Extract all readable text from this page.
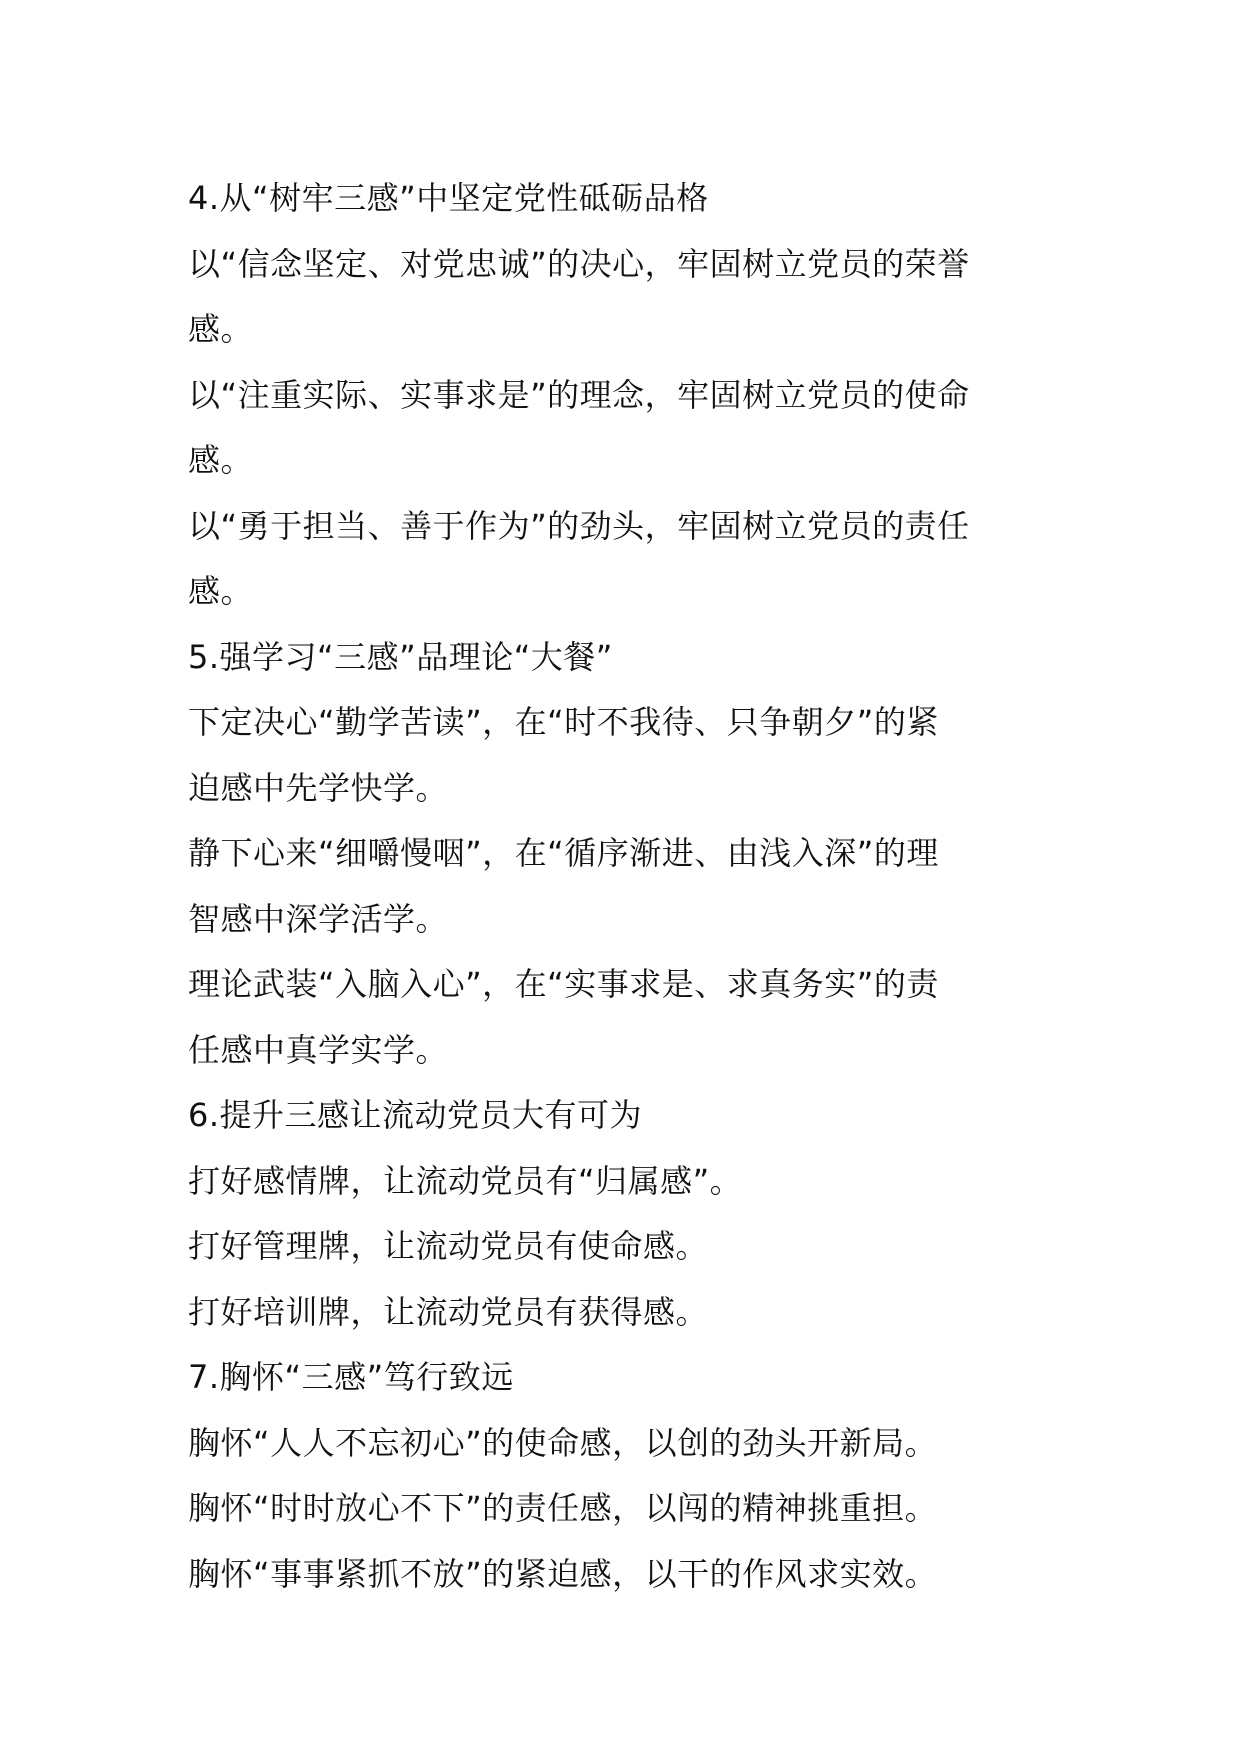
4.从“树牢三感”中坚定党性砥砺品格
以“信念坚定、对党忠诚”的决心，牢固树立党员的荣誉
感。
以“注重实际、实事求是”的理念，牢固树立党员的使命
感。
以“勇于担当、善于作为”的劲头，牢固树立党员的责任
感。
5.强学习“三感”品理论“大餐”
下定决心“勤学苦读”，在“时不我待、只争朝夕”的紧
迫感中先学快学。
静下心来“细嚼慢咽”，在“循序渐进、由浅入深”的理
智感中深学活学。
理论武装“入脑入心”，在“实事求是、求真务实”的责
任感中真学实学。
6.提升三感让流动党员大有可为
打好感情牌，让流动党员有“归属感”。
打好管理牌，让流动党员有使命感。
打好培训牌，让流动党员有获得感。
7.胸怀“三感”笃行致远
胸怀“人人不忘初心”的使命感，以创的劲头开新局。
胸怀“时时放心不下”的责任感，以闯的精神挑重担。
胸怀“事事紧抓不放”的紧迫感，以干的作风求实效。
